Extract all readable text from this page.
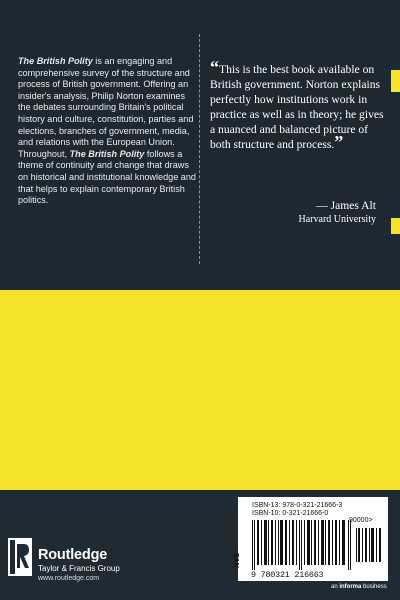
The British Polity is an engaging and comprehensive survey of the structure and process of British government. Offering an insider's analysis, Philip Norton examines the debates surrounding Britain's political history and culture, constitution, parties and elections, branches of government, media, and relations with the European Union. Throughout, The British Polity follows a theme of continuity and change that draws on historical and institutional knowledge and that helps to explain contemporary British politics.
“This is the best book available on British government. Norton explains perfectly how institutions work in practice as well as in theory; he gives a nuanced and balanced picture of both structure and process.”
— James Alt
Harvard University
Routledge
Taylor & Francis Group
www.routledge.com
ISBN-13: 978-0-321-21666-3
ISBN-10: 0-321-21666-0
EAN
90000>
9 780321 216663
an informa business
